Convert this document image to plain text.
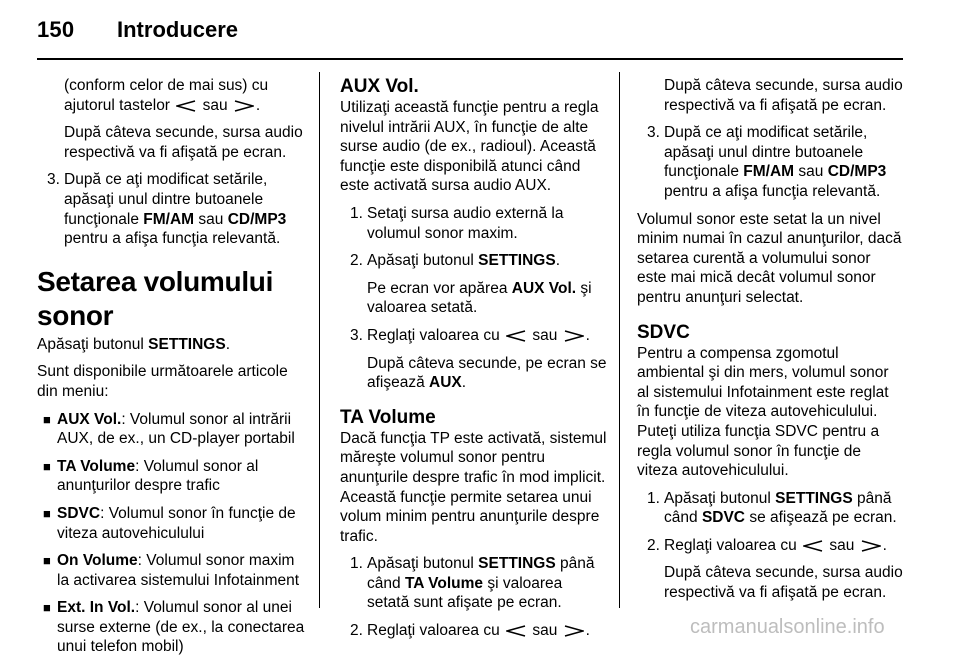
150 Introducere

(conform celor de mai sus) cu ajutorul tastelor sau .

După câteva secunde, sursa audio respectivă va fi afişată pe ecran.

3. După ce aţi modificat setările, apăsaţi unul dintre butoanele funcţionale FM/AM sau CD/MP3 pentru a afişa funcţia relevantă.
Setarea volumului sonor

Apăsaţi butonul SETTINGS.

Sunt disponibile următoarele articole din meniu:

■ AUX Vol.: Volumul sonor al intrării AUX, de ex., un CD-player portabil
■ TA Volume: Volumul sonor al anunţurilor despre trafic
■ SDVC: Volumul sonor în funcţie de viteza autovehiculului
■ On Volume: Volumul sonor maxim la activarea sistemului Infotainment
■ Ext. In Vol.: Volumul sonor al unei surse externe (de ex., la conectarea unui telefon mobil)
AUX Vol.

Utilizaţi această funcţie pentru a regla nivelul intrării AUX, în funcţie de alte surse audio (de ex., radioul). Această funcţie este disponibilă atunci când este activată sursa audio AUX.

1. Setaţi sursa audio externă la volumul sonor maxim.
2. Apăsaţi butonul SETTINGS.

Pe ecran vor apărea AUX Vol. şi valoarea setată.

3. Reglaţi valoarea cu sau .

După câteva secunde, pe ecran se afişează AUX.

TA Volume

Dacă funcţia TP este activată, sistemul măreşte volumul sonor pentru anunţurile despre trafic în mod implicit. Această funcţie permite setarea unui volum minim pentru anunţurile despre trafic.

1. Apăsaţi butonul SETTINGS până când TA Volume şi valoarea setată sunt afişate pe ecran.
2. Reglaţi valoarea cu sau .

După câteva secunde, sursa audio respectivă va fi afişată pe ecran.

3. După ce aţi modificat setările, apăsaţi unul dintre butoanele funcţionale FM/AM sau CD/MP3 pentru a afişa funcţia relevantă.

Volumul sonor este setat la un nivel minim numai în cazul anunţurilor, dacă setarea curentă a volumului sonor este mai mică decât volumul sonor pentru anunţuri selectat.

SDVC

Pentru a compensa zgomotul ambiental şi din mers, volumul sonor al sistemului Infotainment este reglat în funcţie de viteza autovehiculului. Puteţi utiliza funcţia SDVC pentru a regla volumul sonor în funcţie de viteza autovehiculului.

1. Apăsaţi butonul SETTINGS până când SDVC se afişează pe ecran.
2. Reglaţi valoarea cu sau .

După câteva secunde, sursa audio respectivă va fi afişată pe ecran.

carmanualsonline.info
